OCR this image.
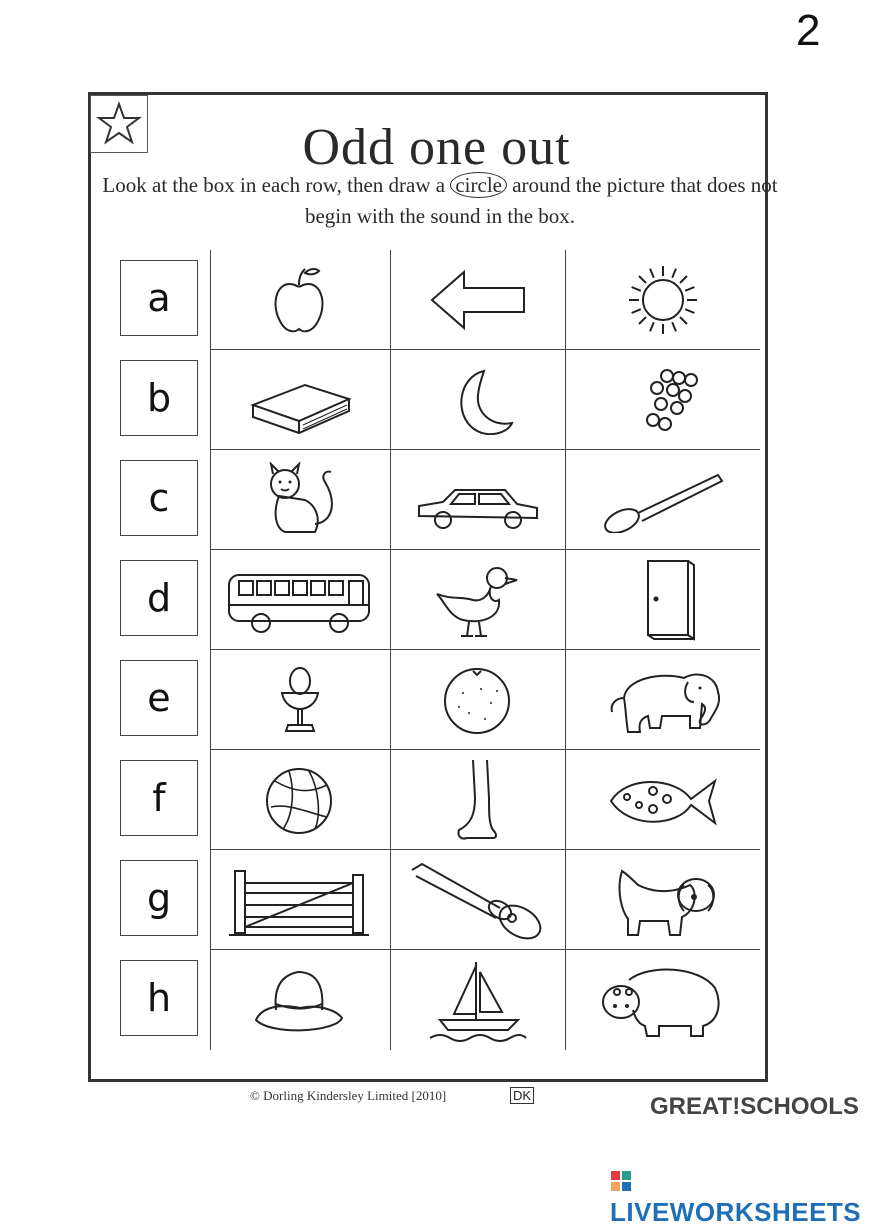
2
Odd one out
Look at the box in each row, then draw a circle around the picture that does not begin with the sound in the box.
a
b
c
d
e
f
g
h
© Dorling Kindersley Limited [2010]	DK	GREAT!SCHOOLS
LIVEWORKSHEETS
